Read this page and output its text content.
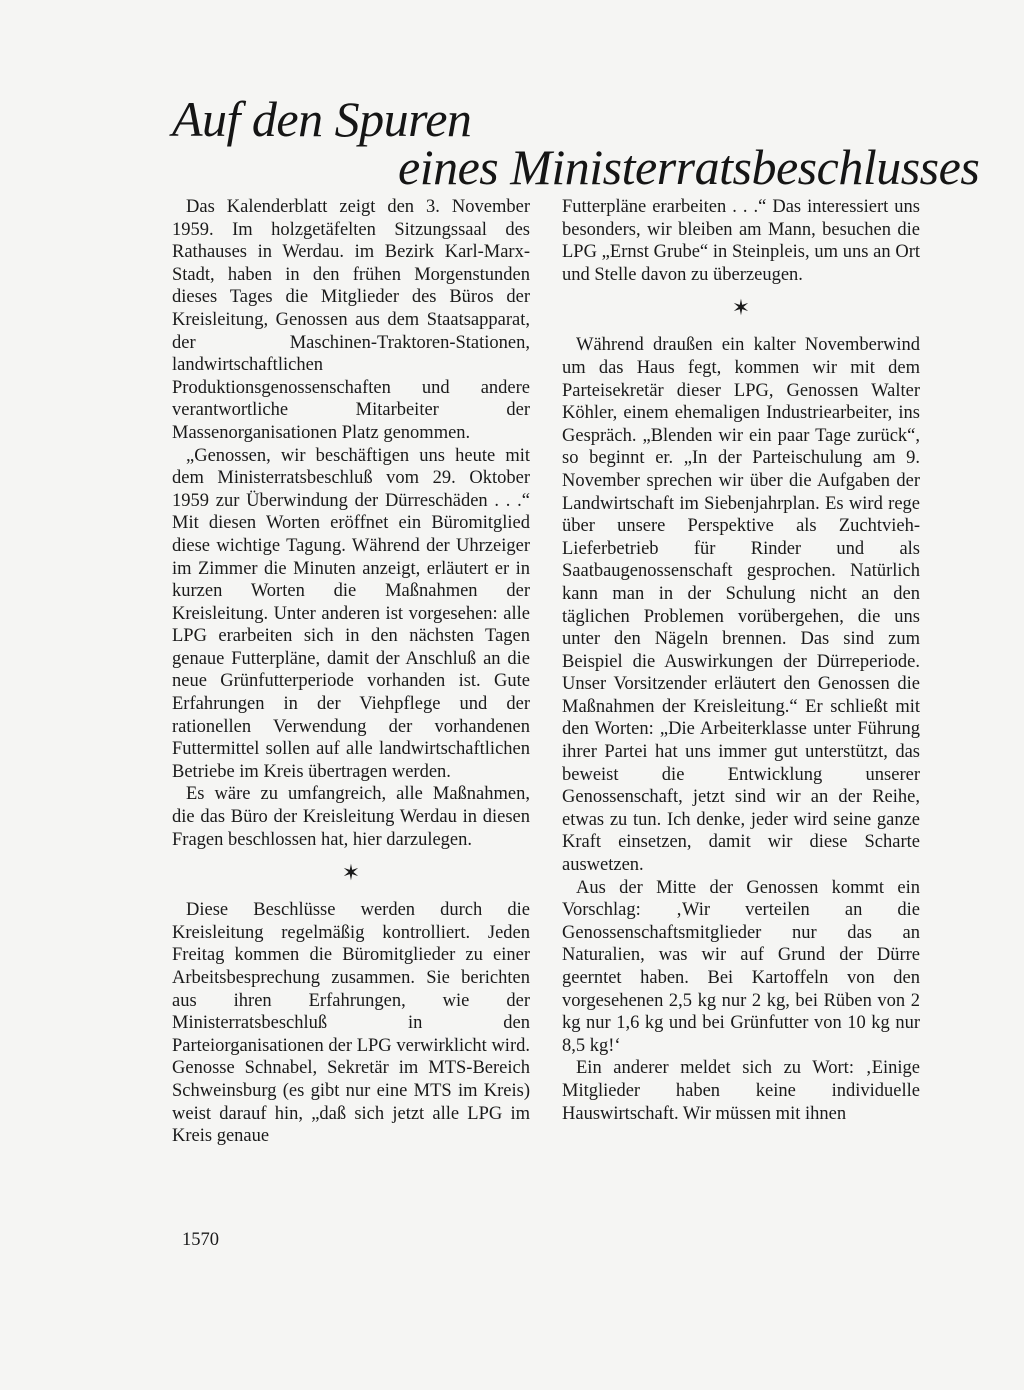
Auf den Spuren
eines Ministerratsbeschlusses

Das Kalenderblatt zeigt den 3. November 1959. Im holzgetäfelten Sitzungssaal des Rathauses in Werdau. im Bezirk Karl-Marx-Stadt, haben in den frühen Morgenstunden dieses Tages die Mitglieder des Büros der Kreisleitung, Genossen aus dem Staatsapparat, der Maschinen-Traktoren-Stationen, landwirtschaftlichen Produktionsgenossenschaften und andere verantwortliche Mitarbeiter der Massenorganisationen Platz genommen.

„Genossen, wir beschäftigen uns heute mit dem Ministerratsbeschluß vom 29. Oktober 1959 zur Überwindung der Dürreschäden . . .“ Mit diesen Worten eröffnet ein Büromitglied diese wichtige Tagung. Während der Uhrzeiger im Zimmer die Minuten anzeigt, erläutert er in kurzen Worten die Maßnahmen der Kreisleitung. Unter anderen ist vorgesehen: alle LPG erarbeiten sich in den nächsten Tagen genaue Futterpläne, damit der Anschluß an die neue Grünfutterperiode vorhanden ist. Gute Erfahrungen in der Viehpflege und der rationellen Verwendung der vorhandenen Futtermittel sollen auf alle landwirtschaftlichen Betriebe im Kreis übertragen werden.

Es wäre zu umfangreich, alle Maßnahmen, die das Büro der Kreisleitung Werdau in diesen Fragen beschlossen hat, hier darzulegen.

✶

Diese Beschlüsse werden durch die Kreisleitung regelmäßig kontrolliert. Jeden Freitag kommen die Büromitglieder zu einer Arbeitsbesprechung zusammen. Sie berichten aus ihren Erfahrungen, wie der Ministerratsbeschluß in den Parteiorganisationen der LPG verwirklicht wird. Genosse Schnabel, Sekretär im MTS-Bereich Schweinsburg (es gibt nur eine MTS im Kreis) weist darauf hin, „daß sich jetzt alle LPG im Kreis genaue

Futterpläne erarbeiten . . .“ Das interessiert uns besonders, wir bleiben am Mann, besuchen die LPG „Ernst Grube“ in Steinpleis, um uns an Ort und Stelle davon zu überzeugen.

✶

Während draußen ein kalter Novemberwind um das Haus fegt, kommen wir mit dem Parteisekretär dieser LPG, Genossen Walter Köhler, einem ehemaligen Industriearbeiter, ins Gespräch. „Blenden wir ein paar Tage zurück“, so beginnt er. „In der Parteischulung am 9. November sprechen wir über die Aufgaben der Landwirtschaft im Siebenjahrplan. Es wird rege über unsere Perspektive als Zuchtvieh-Lieferbetrieb für Rinder und als Saatbaugenossenschaft gesprochen. Natürlich kann man in der Schulung nicht an den täglichen Problemen vorübergehen, die uns unter den Nägeln brennen. Das sind zum Beispiel die Auswirkungen der Dürreperiode. Unser Vorsitzender erläutert den Genossen die Maßnahmen der Kreisleitung.“ Er schließt mit den Worten: „Die Arbeiterklasse unter Führung ihrer Partei hat uns immer gut unterstützt, das beweist die Entwicklung unserer Genossenschaft, jetzt sind wir an der Reihe, etwas zu tun. Ich denke, jeder wird seine ganze Kraft einsetzen, damit wir diese Scharte auswetzen.

Aus der Mitte der Genossen kommt ein Vorschlag: ‚Wir verteilen an die Genossenschaftsmitglieder nur das an Naturalien, was wir auf Grund der Dürre geerntet haben. Bei Kartoffeln von den vorgesehenen 2,5 kg nur 2 kg, bei Rüben von 2 kg nur 1,6 kg und bei Grünfutter von 10 kg nur 8,5 kg!‘

Ein anderer meldet sich zu Wort: ‚Einige Mitglieder haben keine individuelle Hauswirtschaft. Wir müssen mit ihnen

1570
